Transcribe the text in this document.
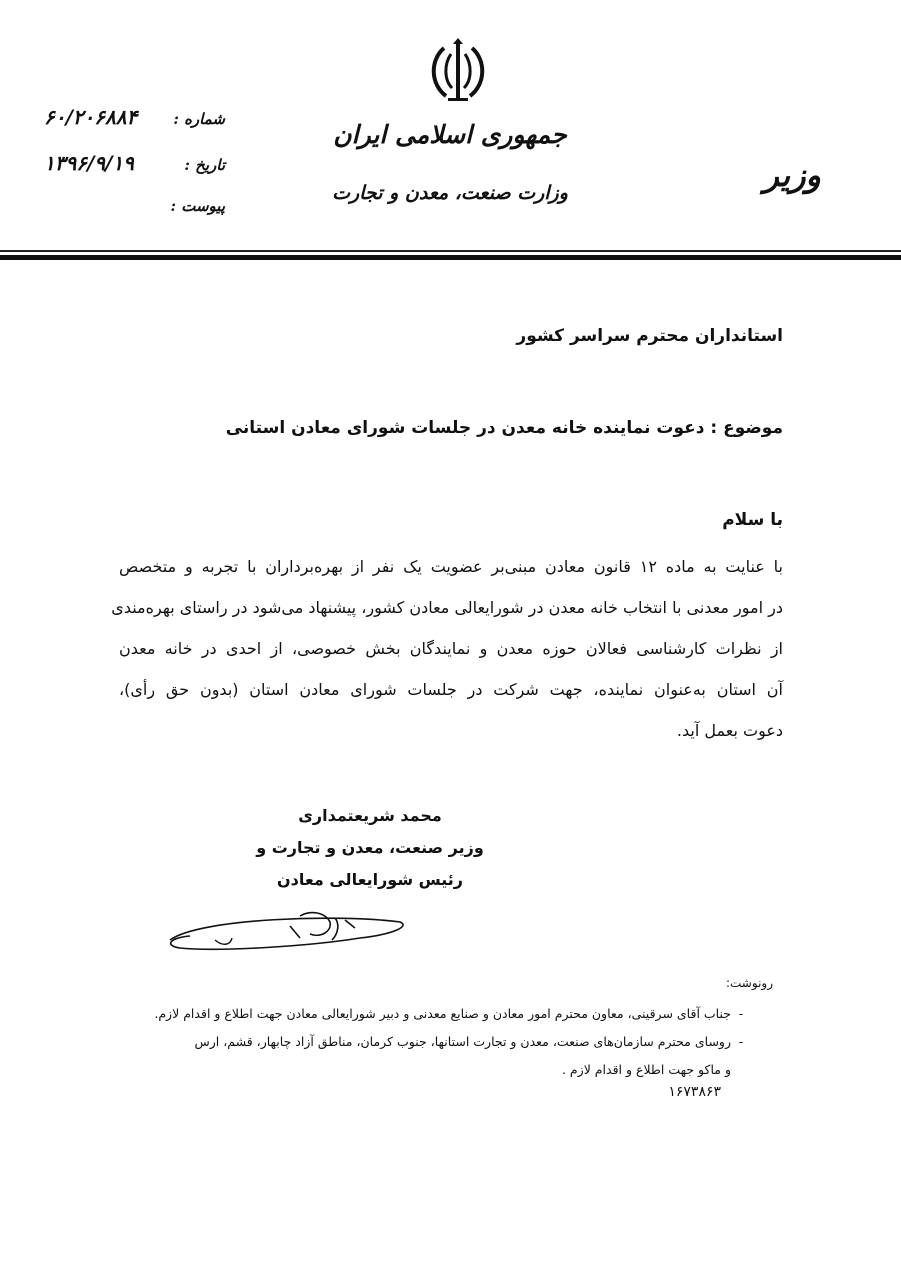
جمهوری اسلامی ایران
وزارت صنعت، معدن و تجارت	وزیر
شماره :
۶۰/۲۰۶۸۸۴
تاریخ :
۱۳۹۶/۹/۱۹
پیوست :
استانداران محترم سراسر کشور
موضوع : دعوت نماینده خانه معدن در جلسات شورای معادن استانی
با سلام
با عنایت به ماده ۱۲ قانون معادن مبنی‌بر عضویت یک نفر از بهره‌برداران با تجربه و متخصص
در امور معدنی با انتخاب خانه معدن در شورایعالی معادن کشور، پیشنهاد می‌شود در راستای بهره‌مندی
از نظرات کارشناسی فعالان حوزه معدن و نمایندگان بخش خصوصی، از احدی در خانه معدن
آن استان به‌عنوان نماینده، جهت شرکت در جلسات شورای معادن استان (بدون حق رأی)،
دعوت بعمل آید.
محمد شریعتمداری
وزیر صنعت، معدن و تجارت و
رئیس شورایعالی معادن
رونوشت:
-
جناب آقای سرقینی، معاون محترم امور معادن و صنایع معدنی و دبیر شورایعالی معادن جهت اطلاع و اقدام لازم.
-
روسای محترم سازمان‌های صنعت، معدن و تجارت استانها، جنوب کرمان، مناطق آزاد چابهار، قشم، ارس
و ماکو جهت اطلاع و اقدام لازم .
۱۶۷۳۸۶۳
